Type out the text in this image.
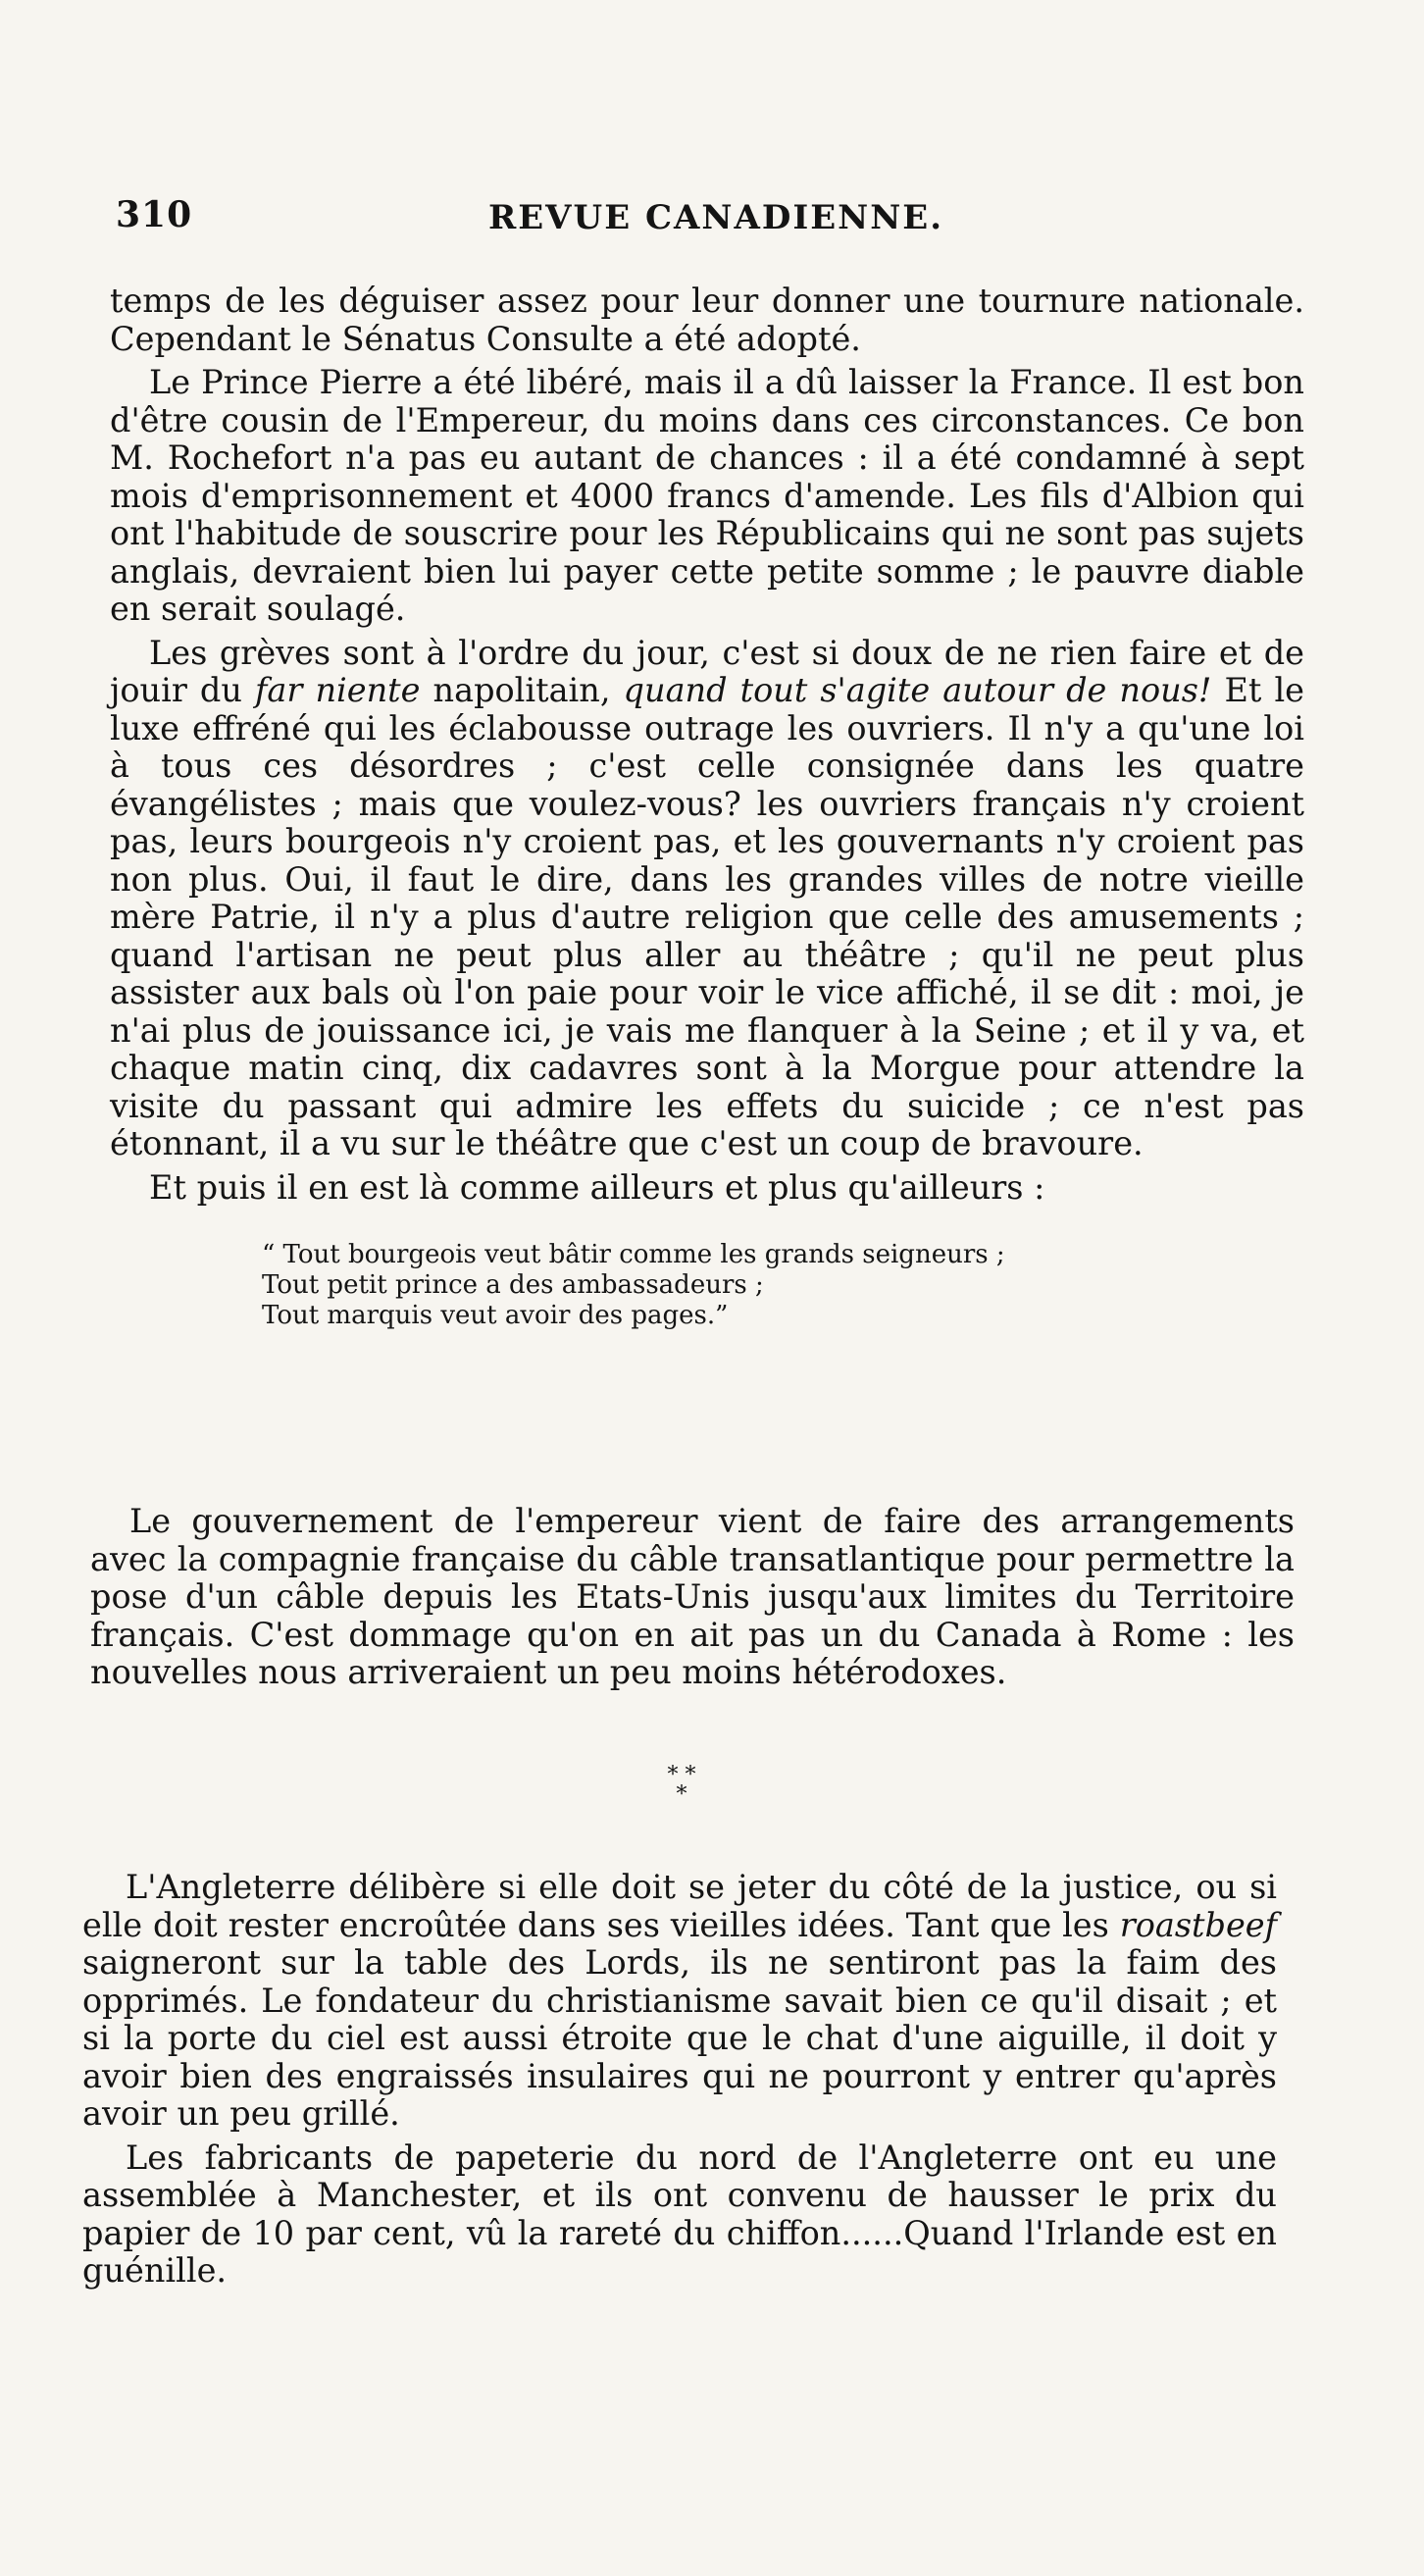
310	REVUE CANADIENNE.

temps de les déguiser assez pour leur donner une tournure nationale. Cependant le Sénatus Consulte a été adopté.

Le Prince Pierre a été libéré, mais il a dû laisser la France. Il est bon d'être cousin de l'Empereur, du moins dans ces circonstances. Ce bon M. Rochefort n'a pas eu autant de chances : il a été condamné à sept mois d'emprisonnement et 4000 francs d'amende. Les fils d'Albion qui ont l'habitude de souscrire pour les Républicains qui ne sont pas sujets anglais, devraient bien lui payer cette petite somme ; le pauvre diable en serait soulagé.

Les grèves sont à l'ordre du jour, c'est si doux de ne rien faire et de jouir du far niente napolitain, quand tout s'agite autour de nous! Et le luxe effréné qui les éclabousse outrage les ouvriers. Il n'y a qu'une loi à tous ces désordres ; c'est celle consignée dans les quatre évangélistes ; mais que voulez-vous? les ouvriers français n'y croient pas, leurs bourgeois n'y croient pas, et les gouvernants n'y croient pas non plus. Oui, il faut le dire, dans les grandes villes de notre vieille mère Patrie, il n'y a plus d'autre religion que celle des amusements ; quand l'artisan ne peut plus aller au théâtre ; qu'il ne peut plus assister aux bals où l'on paie pour voir le vice affiché, il se dit : moi, je n'ai plus de jouissance ici, je vais me flanquer à la Seine ; et il y va, et chaque matin cinq, dix cadavres sont à la Morgue pour attendre la visite du passant qui admire les effets du suicide ; ce n'est pas étonnant, il a vu sur le théâtre que c'est un coup de bravoure.

Et puis il en est là comme ailleurs et plus qu'ailleurs :

“ Tout bourgeois veut bâtir comme les grands seigneurs ;
Tout petit prince a des ambassadeurs ;
Tout marquis veut avoir des pages.”

Le gouvernement de l'empereur vient de faire des arrangements avec la compagnie française du câble transatlantique pour permettre la pose d'un câble depuis les Etats-Unis jusqu'aux limites du Territoire français. C'est dommage qu'on en ait pas un du Canada à Rome : les nouvelles nous arriveraient un peu moins hétérodoxes.

* *
*

L'Angleterre délibère si elle doit se jeter du côté de la justice, ou si elle doit rester encroûtée dans ses vieilles idées. Tant que les roastbeef saigneront sur la table des Lords, ils ne sentiront pas la faim des opprimés. Le fondateur du christianisme savait bien ce qu'il disait ; et si la porte du ciel est aussi étroite que le chat d'une aiguille, il doit y avoir bien des engraissés insulaires qui ne pourront y entrer qu'après avoir un peu grillé.

Les fabricants de papeterie du nord de l'Angleterre ont eu une assemblée à Manchester, et ils ont convenu de hausser le prix du papier de 10 par cent, vû la rareté du chiffon......Quand l'Irlande est en guénille.
